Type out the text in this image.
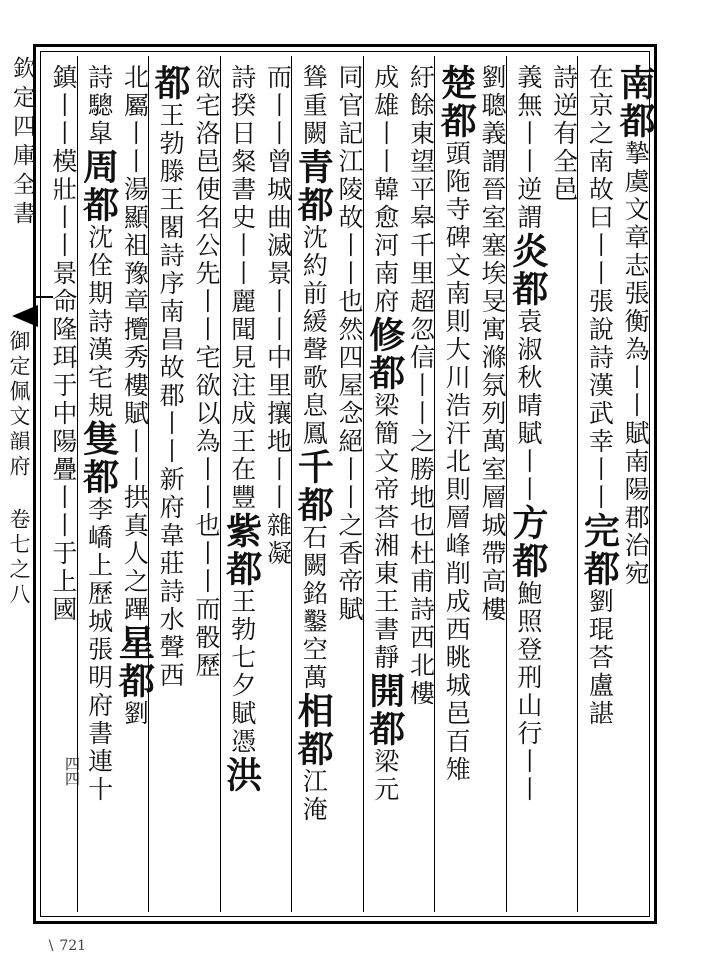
欽定四庫全書
御定佩文韻府 卷七之八
四四
∖ 721
南都摯虞文章志張衡為丨丨賦南陽郡治宛
在京之南故曰丨丨張說詩漢武幸丨丨完都劉琨荅盧諶
詩逆有全邑
義無丨丨逆謂炎都袁淑秋晴賦丨丨方都鮑照登刑山行丨丨
劉聰義謂晉室塞埃旻寓滌氛列萬室層城帶高樓
楚都頭陁寺碑文南則大川浩汗北則層峰削成西眺城邑百雉
紆餘東望平皋千里超忽信丨丨之勝地也杜甫詩西北樓
成雄丨丨韓愈河南府修都梁簡文帝荅湘東王書靜開都梁元
同官記江陵故丨丨也然四屋念絕丨丨之香帝賦
聳重闕青都沈約前緩聲歌息鳳千都石闕銘鑿空萬相都江淹
而丨丨曾城曲滅景丨丨中里攘地丨丨雜凝
詩揆日粲書史丨丨麗聞見注成王在豐紫都王勃七夕賦憑洪
欲宅洛邑使名公先丨丨宅欲以為丨丨也丨丨而骰歷
都王勃滕王閣詩序南昌故郡丨丨新府韋莊詩水聲西
北屬丨丨湯顯祖豫章攬秀樓賦丨丨拱真人之蹕星都劉
詩驄皐周都沈佺期詩漢宅規隻都李嶠上歷城張明府書連十
鎮丨丨模壯丨丨景命隆珥于中陽疊丨丨于上國
